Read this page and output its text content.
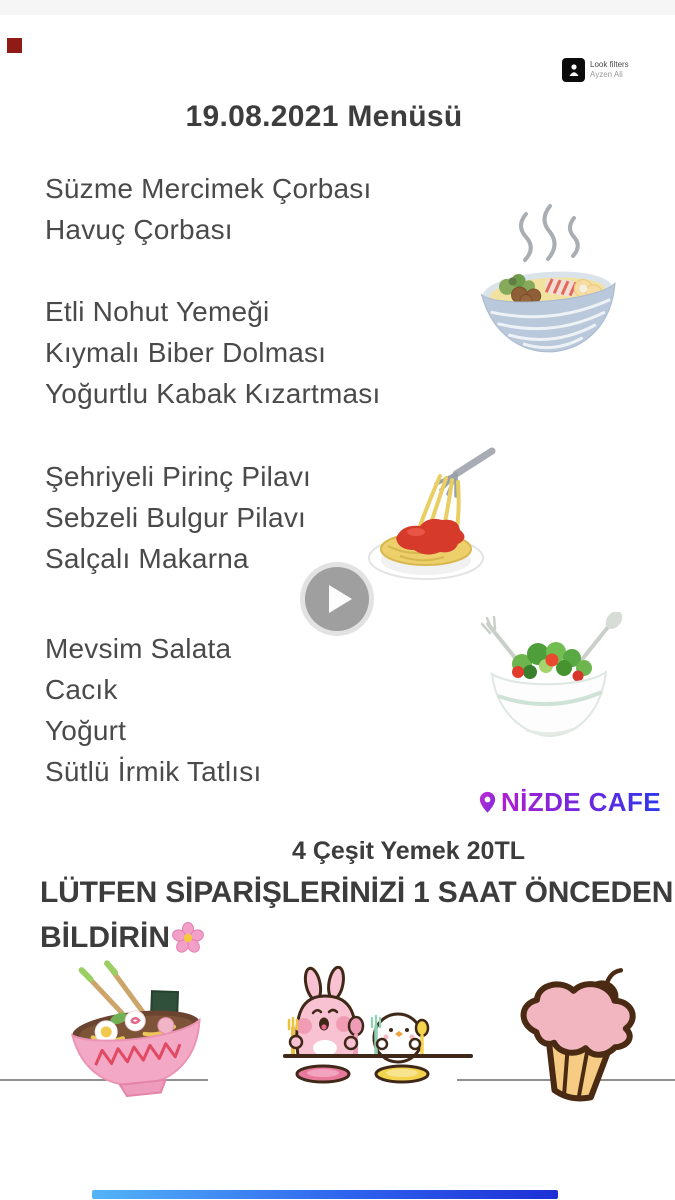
Look filters
Ayzen Ali
19.08.2021 Menüsü
Süzme Mercimek Çorbası
Havuç Çorbası
Etli Nohut Yemeği
Kıymalı Biber Dolması
Yoğurtlu Kabak Kızartması
Şehriyeli Pirinç Pilavı
Sebzeli Bulgur Pilavı
Salçalı Makarna
Mevsim Salata
Cacık
Yoğurt
Sütlü İrmik Tatlısı
NİZDE CAFE
4 Çeşit Yemek 20TL
LÜTFEN SİPARİŞLERİNİZİ 1 SAAT ÖNCEDEN
BİLDİRİN
